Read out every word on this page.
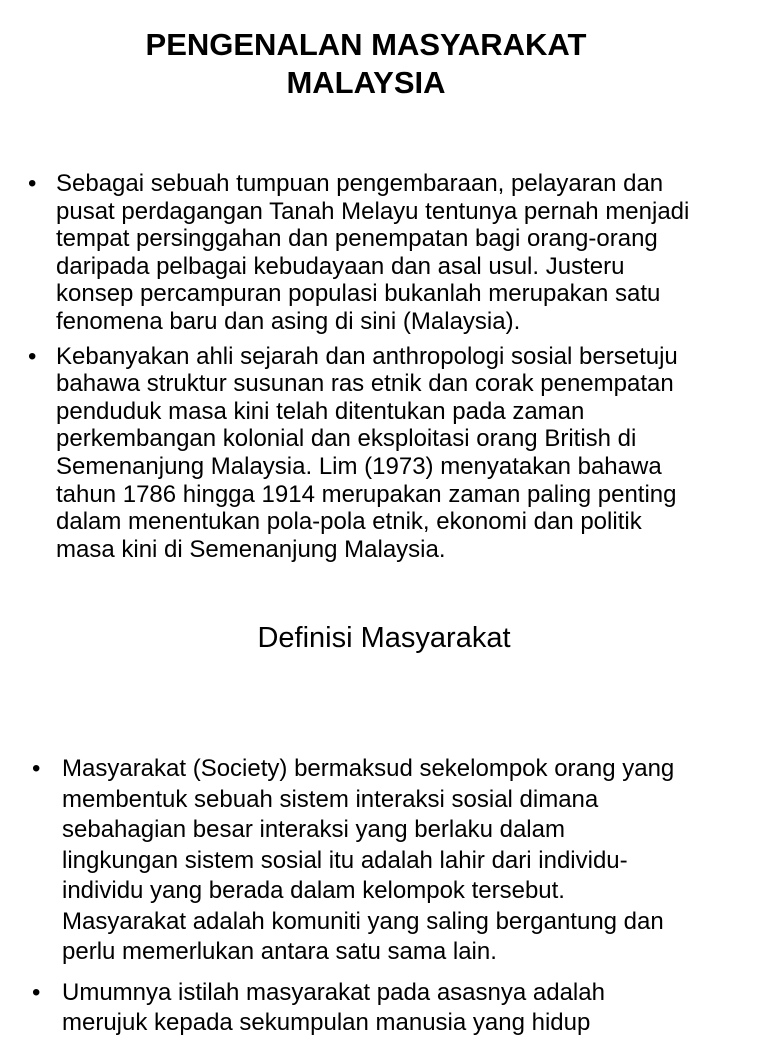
PENGENALAN MASYARAKAT
MALAYSIA
• Sebagai sebuah tumpuan pengembaraan, pelayaran dan
pusat perdagangan Tanah Melayu tentunya pernah menjadi
tempat persinggahan dan penempatan bagi orang-orang
daripada pelbagai kebudayaan dan asal usul. Justeru
konsep percampuran populasi bukanlah merupakan satu
fenomena baru dan asing di sini (Malaysia).
• Kebanyakan ahli sejarah dan anthropologi sosial bersetuju
bahawa struktur susunan ras etnik dan corak penempatan
penduduk masa kini telah ditentukan pada zaman
perkembangan kolonial dan eksploitasi orang British di
Semenanjung Malaysia. Lim (1973) menyatakan bahawa
tahun 1786 hingga 1914 merupakan zaman paling penting
dalam menentukan pola-pola etnik, ekonomi dan politik
masa kini di Semenanjung Malaysia.
Definisi Masyarakat
• Masyarakat (Society) bermaksud sekelompok orang yang
membentuk sebuah sistem interaksi sosial dimana
sebahagian besar interaksi yang berlaku dalam
lingkungan sistem sosial itu adalah lahir dari individu-
individu yang berada dalam kelompok tersebut.
Masyarakat adalah komuniti yang saling bergantung dan
perlu memerlukan antara satu sama lain.
• Umumnya istilah masyarakat pada asasnya adalah
merujuk kepada sekumpulan manusia yang hidup
